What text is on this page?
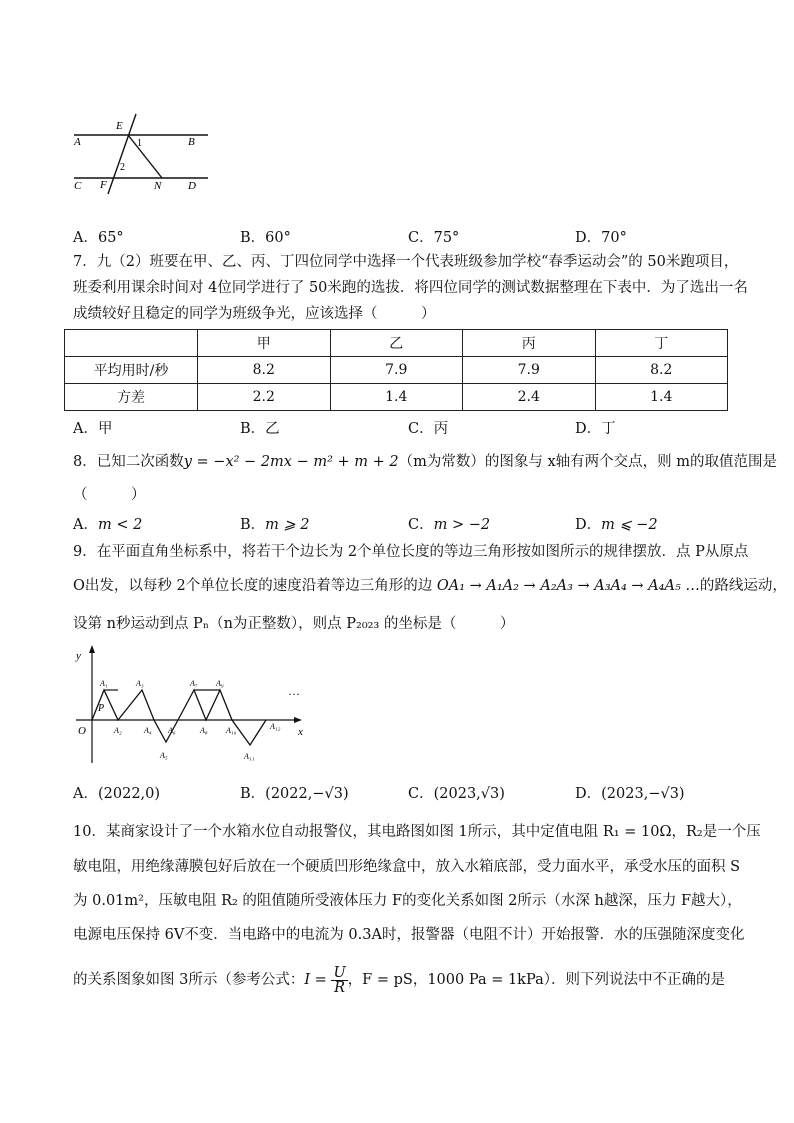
A	B
C	D
E
F	N
1
2
A．65°	B．60°	C．75°	D．70°
7．九（2）班要在甲、乙、丙、丁四位同学中选择一个代表班级参加学校“春季运动会”的 50米跑项目，
班委利用课余时间对 4位同学进行了 50米跑的选拔．将四位同学的测试数据整理在下表中．为了选出一名
成绩较好且稳定的同学为班级争光，应该选择（　　　）
	甲	乙	丙	丁
平均用时/秒	8.2	7.9	7.9	8.2
方差	2.2	1.4	2.4	1.4
A．甲	B．乙	C．丙	D．丁
8．已知二次函数y = −x² − 2mx − m² + m + 2（m为常数）的图象与 x轴有两个交点，则 m的取值范围是
（　　　）
A．m < 2	B．m ⩾ 2	C．m > −2	D．m ⩽ −2
9．在平面直角坐标系中，将若干个边长为 2个单位长度的等边三角形按如图所示的规律摆放．点 P从原点
O出发，以每秒 2个单位长度的速度沿着等边三角形的边 OA₁ → A₁A₂ → A₂A₃ → A₃A₄ → A₄A₅ …的路线运动，
设第 n秒运动到点 Pₙ（n为正整数），则点 P₂₀₂₃ 的坐标是（　　　）
y
x
O
P
…
A₁
A₂
A₃
A₄
A₅
A₆
A₇
A₈
A₉
A₁₀
A₁₁
A₁₂
A．(2022,0)	B．(2022,−√3)	C．(2023,√3)	D．(2023,−√3)
10．某商家设计了一个水箱水位自动报警仪，其电路图如图 1所示，其中定值电阻 R₁ = 10Ω，R₂是一个压
敏电阻，用绝缘薄膜包好后放在一个硬质凹形绝缘盒中，放入水箱底部，受力面水平，承受水压的面积 S
为 0.01m²，压敏电阻 R₂ 的阻值随所受液体压力 F的变化关系如图 2所示（水深 h越深，压力 F越大），
电源电压保持 6V不变．当电路中的电流为 0.3A时，报警器（电阻不计）开始报警．水的压强随深度变化
的关系图象如图 3所示（参考公式：$I = \frac{U}{R}$ ，F = pS，1000 Pa = 1kPa）．则下列说法中不正确的是
